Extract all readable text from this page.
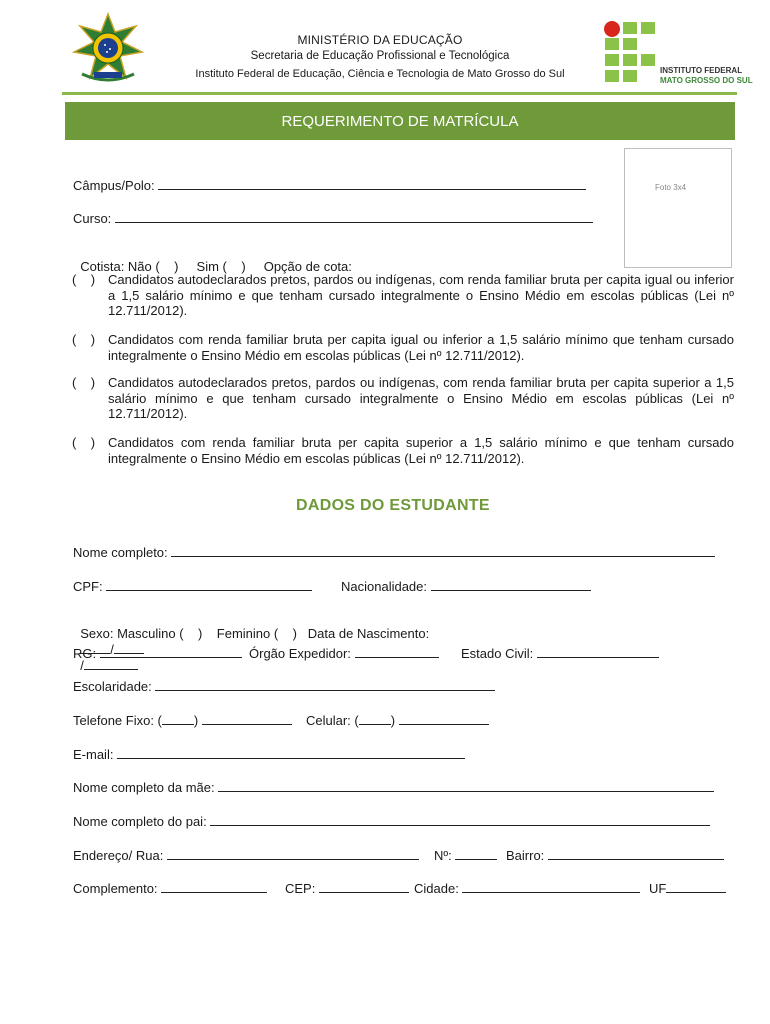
MINISTÉRIO DA EDUCAÇÃO
Secretaria de Educação Profissional e Tecnológica
Instituto Federal de Educação, Ciência e Tecnologia de Mato Grosso do Sul	INSTITUTO FEDERAL
MATO GROSSO DO SUL
REQUERIMENTO DE MATRÍCULA
Foto 3x4
Câmpus/Polo:
Curso:

Cotista: Não (    )     Sim (    )     Opção de cota:

(    ) Candidatos autodeclarados pretos, pardos ou indígenas, com renda familiar bruta per capita igual ou inferior a 1,5 salário mínimo e que tenham cursado integralmente o Ensino Médio em escolas públicas (Lei nº 12.711/2012).
(    ) Candidatos com renda familiar bruta per capita igual ou inferior a 1,5 salário mínimo que tenham cursado integralmente o Ensino Médio em escolas públicas (Lei nº 12.711/2012).
(    ) Candidatos autodeclarados pretos, pardos ou indígenas, com renda familiar bruta per capita superior a 1,5 salário mínimo e que tenham cursado integralmente o Ensino Médio em escolas públicas (Lei nº 12.711/2012).
(    ) Candidatos com renda familiar bruta per capita superior a 1,5 salário mínimo e que tenham cursado integralmente o Ensino Médio em escolas públicas (Lei nº 12.711/2012).
DADOS DO ESTUDANTE
Nome completo:
CPF:	Nacionalidade:

Sexo: Masculino (    )    Feminino (    )   Data de Nascimento:
/
/

RG:	Órgão Expedidor:	Estado Civil:
Escolaridade:
Telefone Fixo: ( )	Celular: ( )
E-mail:
Nome completo da mãe:
Nome completo do pai:
Endereço/ Rua:	Nº:	Bairro:
Complemento:	CEP:	Cidade:	UF
